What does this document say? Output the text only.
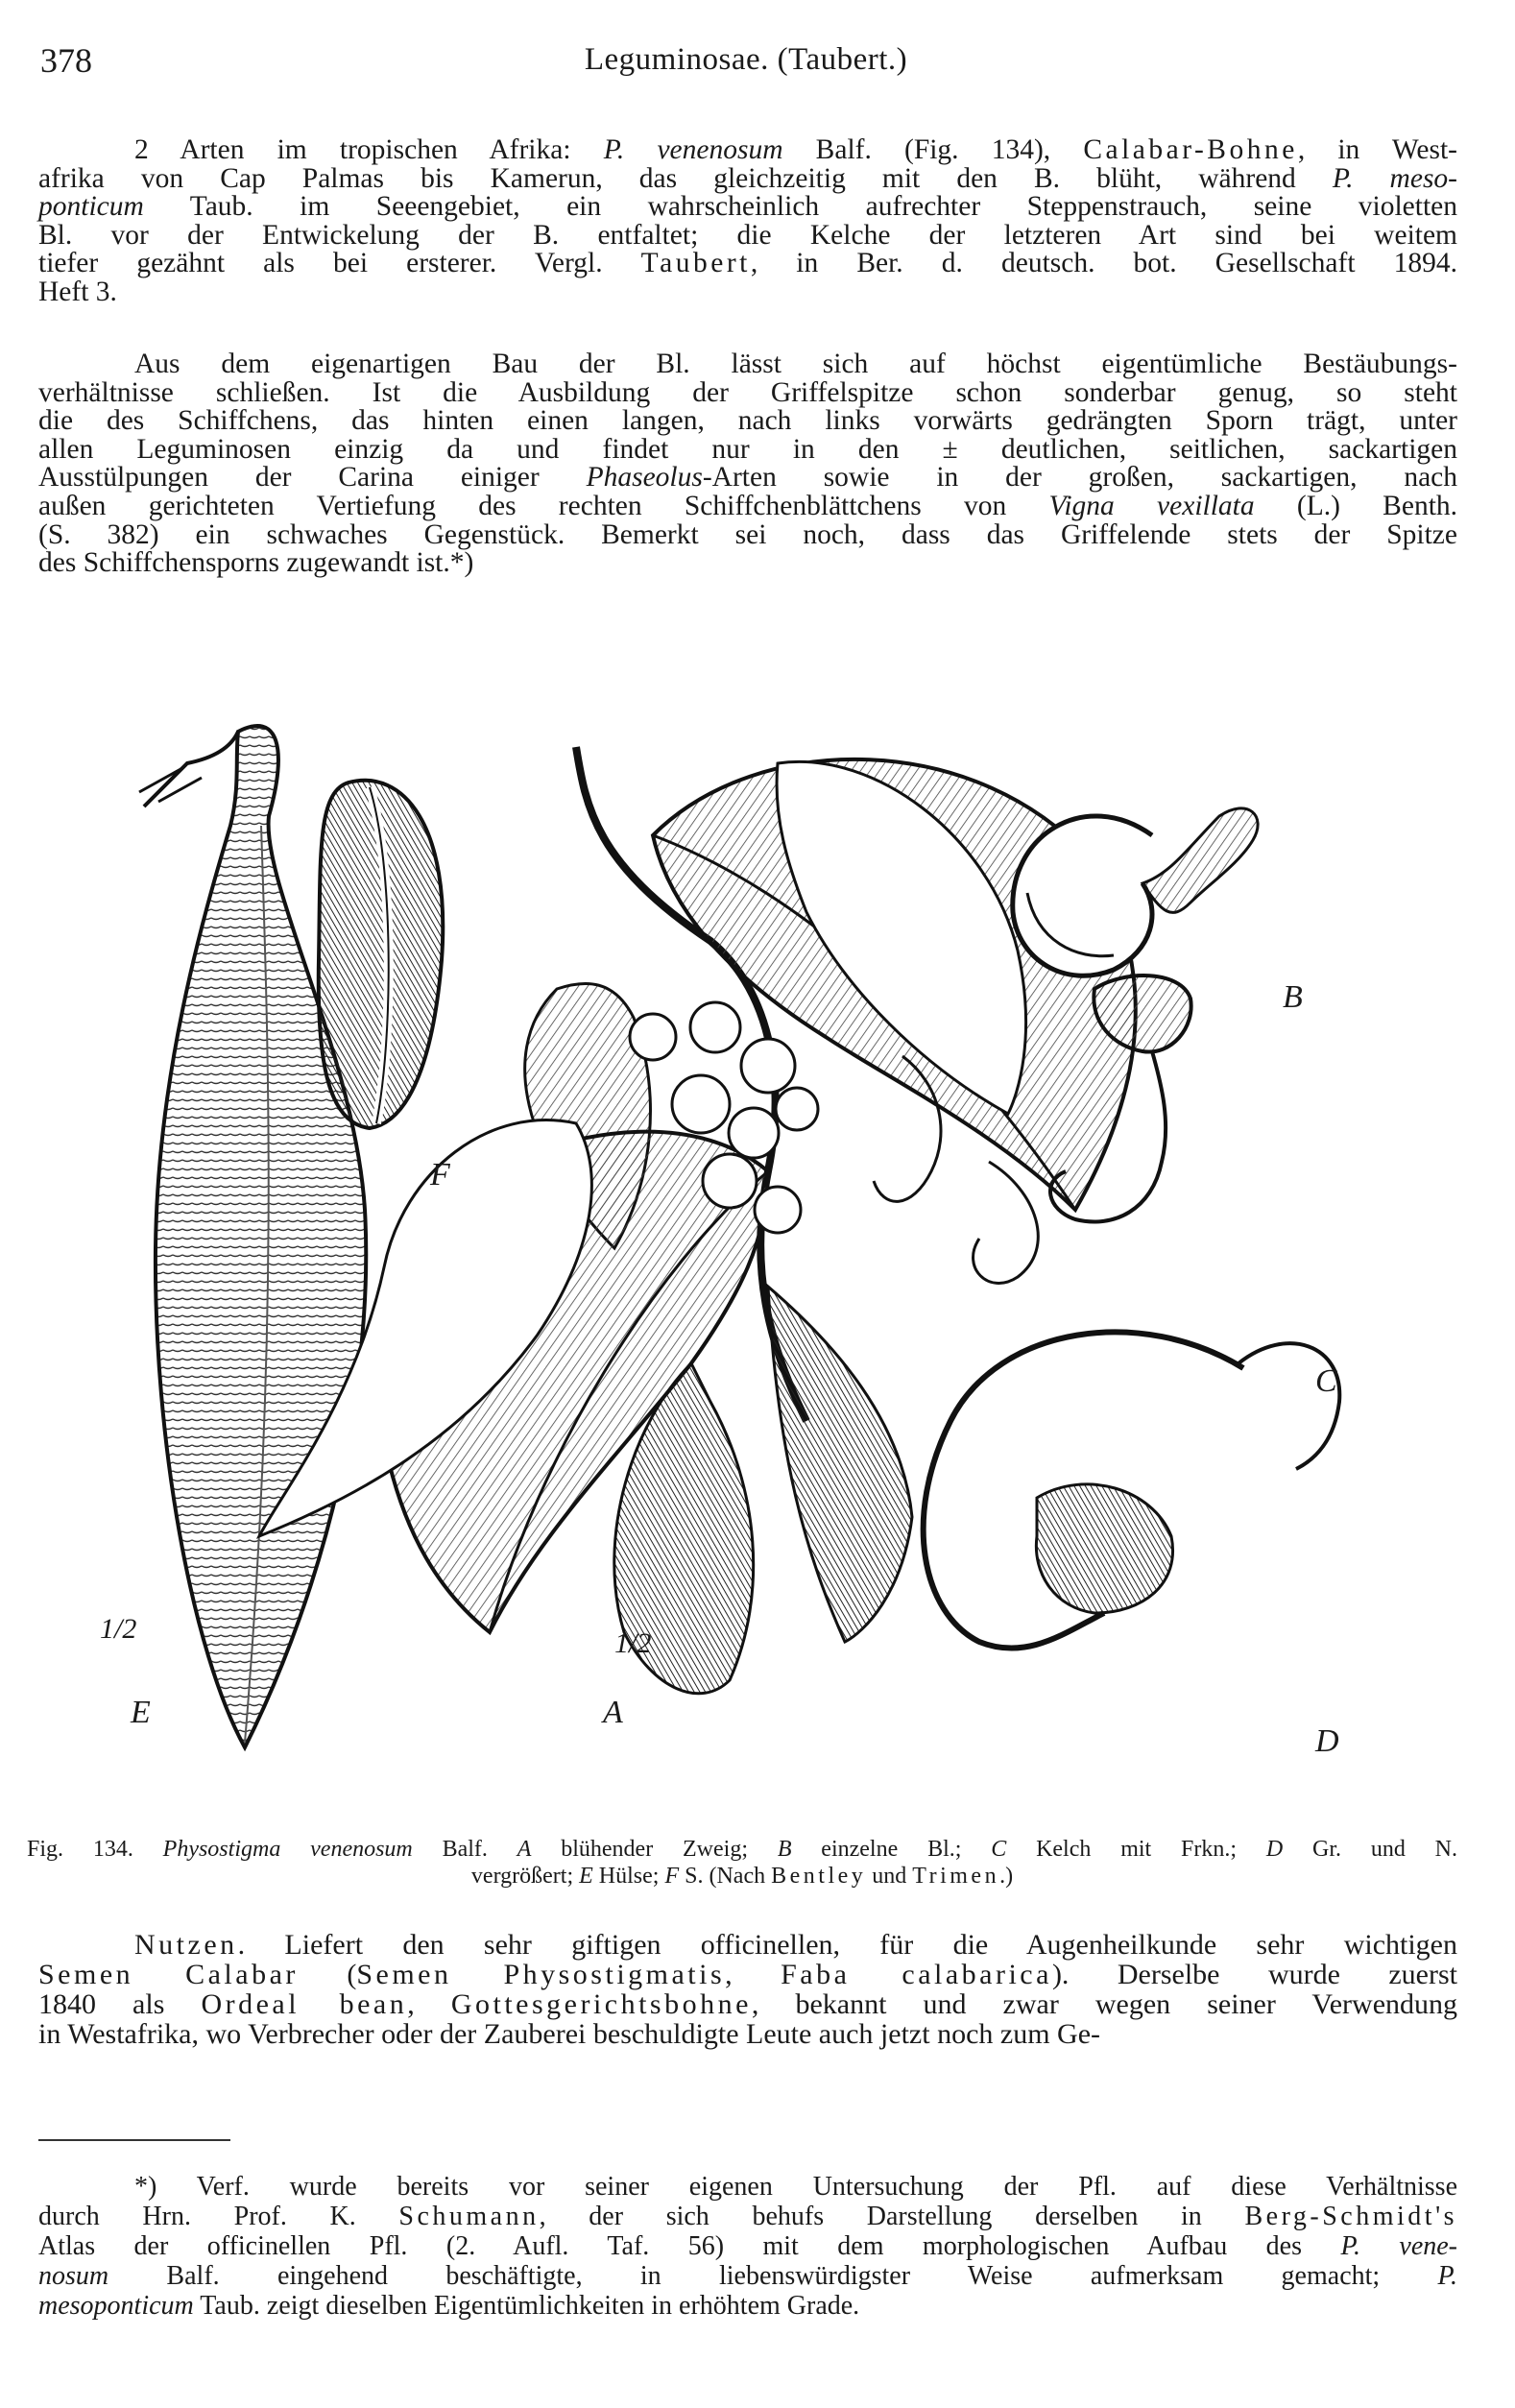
378	Leguminosae. (Taubert.)
2 Arten im tropischen Afrika: P. venenosum Balf. (Fig. 134), Calabar-Bohne, in West-
afrika von Cap Palmas bis Kamerun, das gleichzeitig mit den B. blüht, während P. meso-
ponticum Taub. im Seeengebiet, ein wahrscheinlich aufrechter Steppenstrauch, seine violetten
Bl. vor der Entwickelung der B. entfaltet; die Kelche der letzteren Art sind bei weitem
tiefer gezähnt als bei ersterer. Vergl. Taubert, in Ber. d. deutsch. bot. Gesellschaft 1894.
Heft 3.
Aus dem eigenartigen Bau der Bl. lässt sich auf höchst eigentümliche Bestäubungs-
verhältnisse schließen. Ist die Ausbildung der Griffelspitze schon sonderbar genug, so steht
die des Schiffchens, das hinten einen langen, nach links vorwärts gedrängten Sporn trägt, unter
allen Leguminosen einzig da und findet nur in den ± deutlichen, seitlichen, sackartigen
Ausstülpungen der Carina einiger Phaseolus-Arten sowie in der großen, sackartigen, nach
außen gerichteten Vertiefung des rechten Schiffchenblättchens von Vigna vexillata (L.) Benth.
(S. 382) ein schwaches Gegenstück. Bemerkt sei noch, dass das Griffelende stets der Spitze
des Schiffchensporns zugewandt ist.*)
E
1/2
F
A
1/2
B
C
D
Fig. 134. Physostigma venenosum Balf. A blühender Zweig; B einzelne Bl.; C Kelch mit Frkn.; D Gr. und N.
vergrößert; E Hülse; F S. (Nach Bentley und Trimen.)
Nutzen. Liefert den sehr giftigen officinellen, für die Augenheilkunde sehr wichtigen
Semen Calabar (Semen Physostigmatis, Faba calabarica). Derselbe wurde zuerst
1840 als Ordeal bean, Gottesgerichtsbohne, bekannt und zwar wegen seiner Verwendung
in Westafrika, wo Verbrecher oder der Zauberei beschuldigte Leute auch jetzt noch zum Ge-
*) Verf. wurde bereits vor seiner eigenen Untersuchung der Pfl. auf diese Verhältnisse
durch Hrn. Prof. K. Schumann, der sich behufs Darstellung derselben in Berg-Schmidt's
Atlas der officinellen Pfl. (2. Aufl. Taf. 56) mit dem morphologischen Aufbau des P. vene-
nosum Balf. eingehend beschäftigte, in liebenswürdigster Weise aufmerksam gemacht; P.
mesoponticum Taub. zeigt dieselben Eigentümlichkeiten in erhöhtem Grade.
